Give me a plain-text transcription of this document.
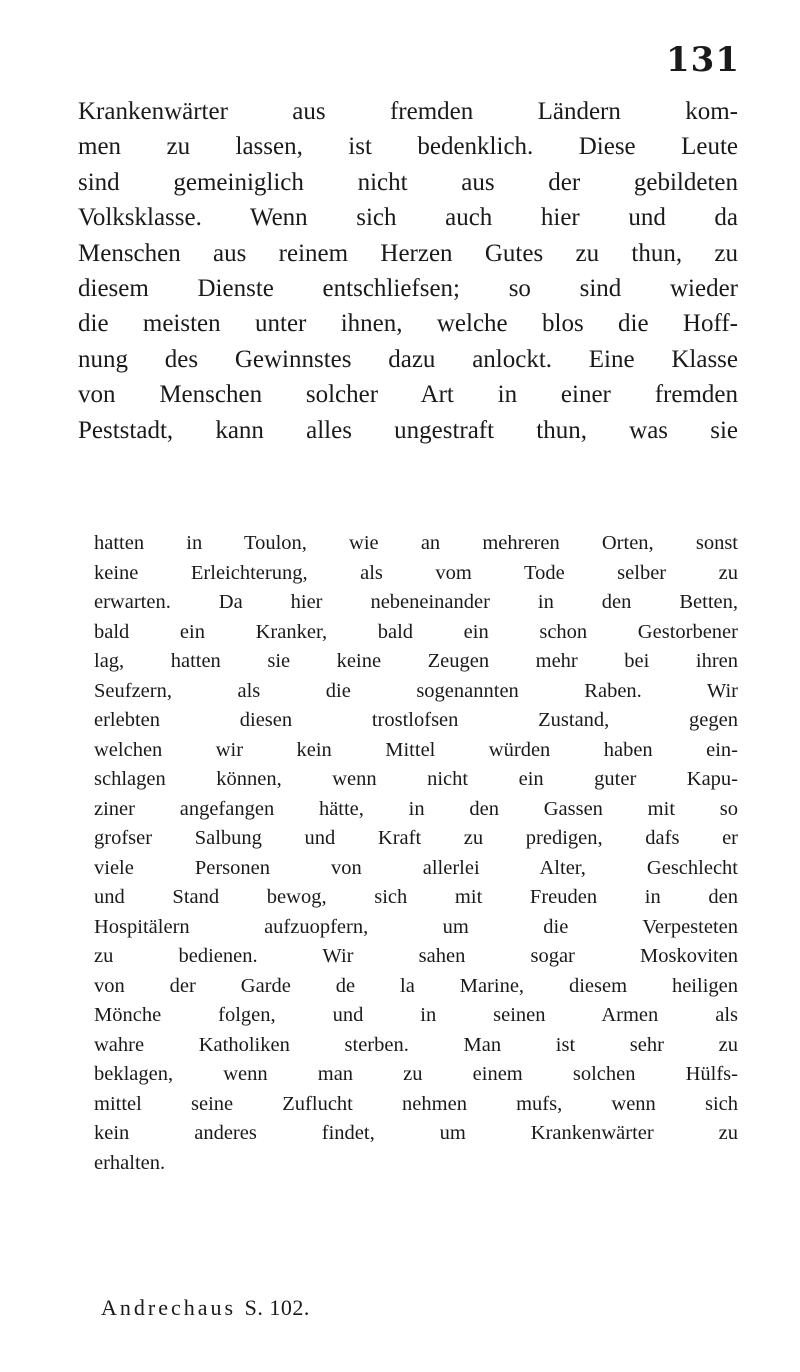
131

Krankenwärter aus fremden Ländern kom-
men zu lassen, ist bedenklich. Diese Leute
sind gemeiniglich nicht aus der gebildeten
Volksklasse. Wenn sich auch hier und da
Menschen aus reinem Herzen Gutes zu thun, zu
diesem Dienste entschliefsen; so sind wieder
die meisten unter ihnen, welche blos die Hoff-
nung des Gewinnstes dazu anlockt. Eine Klasse
von Menschen solcher Art in einer fremden
Peststadt, kann alles ungestraft thun, was sie

hatten in Toulon, wie an mehreren Orten, sonst
keine Erleichterung, als vom Tode selber zu
erwarten. Da hier nebeneinander in den Betten,
bald ein Kranker, bald ein schon Gestorbener
lag, hatten sie keine Zeugen mehr bei ihren
Seufzern, als die sogenannten Raben. Wir
erlebten diesen trostlofsen Zustand, gegen
welchen wir kein Mittel würden haben ein-
schlagen können, wenn nicht ein guter Kapu-
ziner angefangen hätte, in den Gassen mit so
grofser Salbung und Kraft zu predigen, dafs er
viele Personen von allerlei Alter, Geschlecht
und Stand bewog, sich mit Freuden in den
Hospitälern aufzuopfern, um die Verpesteten
zu bedienen. Wir sahen sogar Moskoviten
von der Garde de la Marine, diesem heiligen
Mönche folgen, und in seinen Armen als
wahre Katholiken sterben. Man ist sehr zu
beklagen, wenn man zu einem solchen Hülfs-
mittel seine Zuflucht nehmen mufs, wenn sich
kein anderes findet, um Krankenwärter zu
erhalten.

Andrechaus S. 102.
